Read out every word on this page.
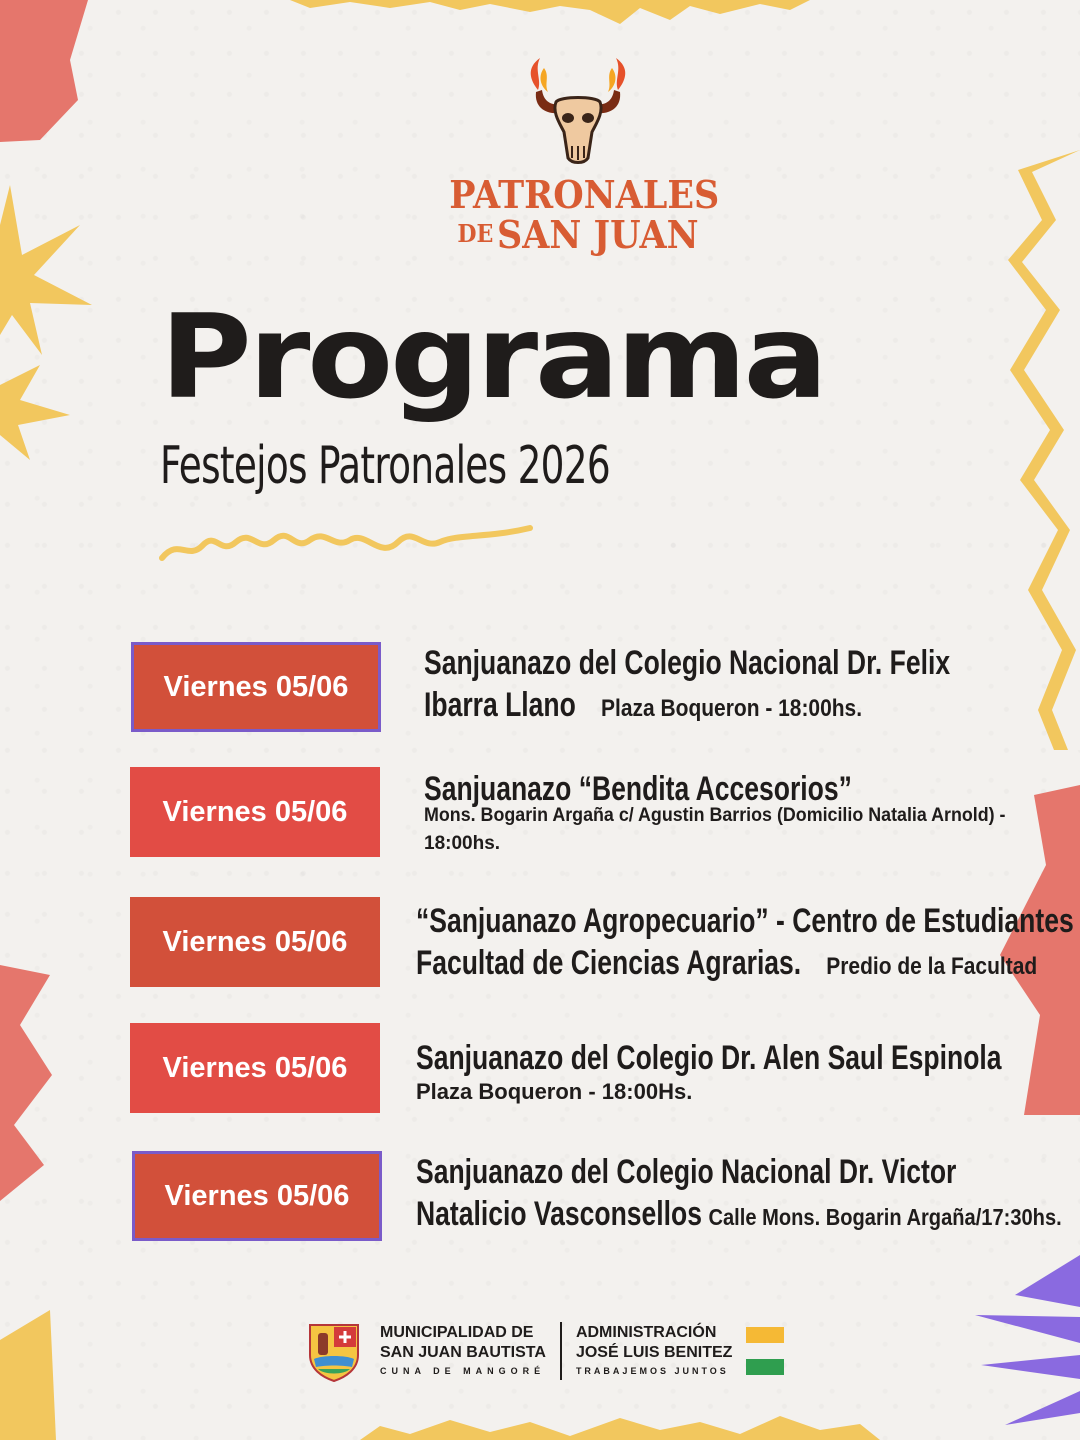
PATRONALES
DESAN JUAN
Programa
Festejos Patronales 2026
Viernes 05/06
Sanjuanazo del Colegio Nacional Dr. Felix
Ibarra Llano Plaza Boqueron - 18:00hs.
Viernes 05/06
Sanjuanazo “Bendita Accesorios”
Mons. Bogarin Argaña c/ Agustin Barrios (Domicilio Natalia Arnold) -
18:00hs.
Viernes 05/06
“Sanjuanazo Agropecuario” - Centro de Estudiantes
Facultad de Ciencias Agrarias. Predio de la Facultad
Viernes 05/06 Sanjuanazo del Colegio Dr. Alen Saul Espinola
Plaza Boqueron - 18:00Hs.
Viernes 05/06
Sanjuanazo del Colegio Nacional Dr. Victor
Natalicio Vasconsellos Calle Mons. Bogarin Argaña/17:30hs.
MUNICIPALIDAD DE
SAN JUAN BAUTISTA
CUNA DE MANGORÉ
ADMINISTRACIÓN
JOSÉ LUIS BENITEZ
TRABAJEMOS JUNTOS
